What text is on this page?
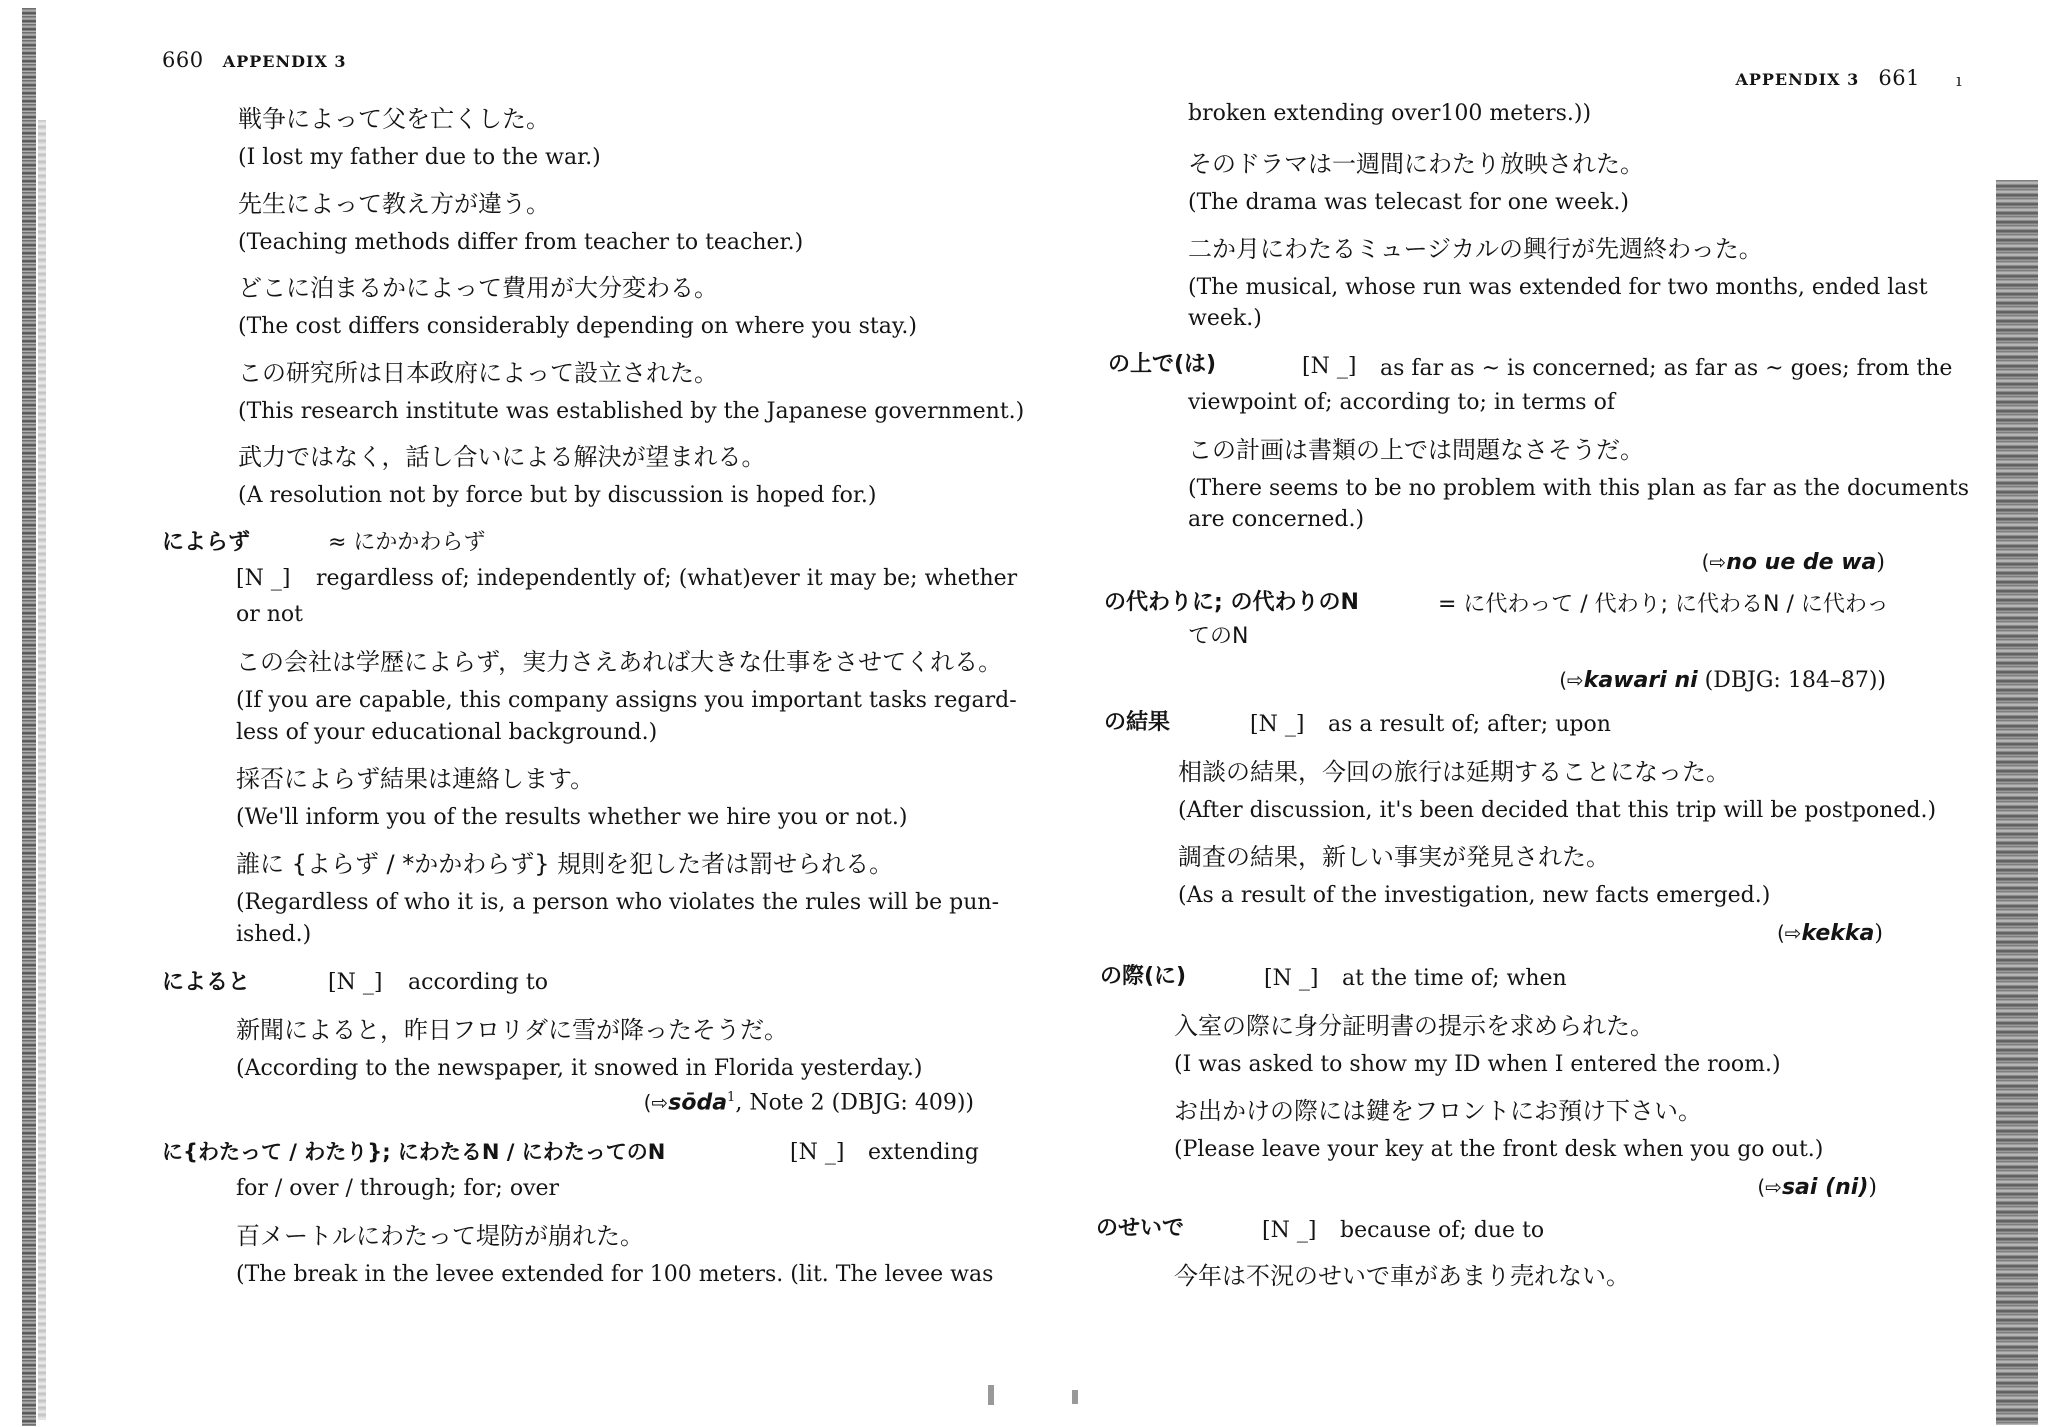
660 APPENDIX 3
戦争によって父を亡くした。
(I lost my father due to the war.)
先生によって教え方が違う。
(Teaching methods differ from teacher to teacher.)
どこに泊まるかによって費用が大分変わる。
(The cost differs considerably depending on where you stay.)
この研究所は日本政府によって設立された。
(This research institute was established by the Japanese government.)
武力ではなく，話し合いによる解決が望まれる。
(A resolution not by force but by discussion is hoped for.)
によらず	≈ にかかわらず
[N _] regardless of; independently of; (what)ever it may be; whether
or not
この会社は学歴によらず，実力さえあれば大きな仕事をさせてくれる。
(If you are capable, this company assigns you important tasks regard-
less of your educational background.)
採否によらず結果は連絡します。
(We'll inform you of the results whether we hire you or not.)
誰に {よらず / *かかわらず} 規則を犯した者は罰せられる。
(Regardless of who it is, a person who violates the rules will be pun-
ished.)
によると	[N _] according to
新聞によると，昨日フロリダに雪が降ったそうだ。
(According to the newspaper, it snowed in Florida yesterday.)
(⇨sōda$^1$, Note 2 (DBJG: 409))
に{わたって / わたり}; にわたるN / にわたってのN	[N _] extending
for / over / through; for; over
百メートルにわたって堤防が崩れた。
(The break in the levee extended for 100 meters. (lit. The levee was
APPENDIX 3 661 ı
broken extending over100 meters.))
そのドラマは一週間にわたり放映された。
(The drama was telecast for one week.)
二か月にわたるミュージカルの興行が先週終わった。
(The musical, whose run was extended for two months, ended last
week.)
の上で(は)	[N _] as far as ~ is concerned; as far as ~ goes; from the
viewpoint of; according to; in terms of
この計画は書類の上では問題なさそうだ。
(There seems to be no problem with this plan as far as the documents
are concerned.)
(⇨no ue de wa)
の代わりに; の代わりのN	= に代わって / 代わり; に代わるN / に代わっ
てのN
(⇨kawari ni (DBJG: 184–87))
の結果	[N _] as a result of; after; upon
相談の結果，今回の旅行は延期することになった。
(After discussion, it's been decided that this trip will be postponed.)
調査の結果，新しい事実が発見された。
(As a result of the investigation, new facts emerged.)
(⇨kekka)
の際(に)	[N _] at the time of; when
入室の際に身分証明書の提示を求められた。
(I was asked to show my ID when I entered the room.)
お出かけの際には鍵をフロントにお預け下さい。
(Please leave your key at the front desk when you go out.)
(⇨sai (ni))
のせいで	[N _] because of; due to
今年は不況のせいで車があまり売れない。
